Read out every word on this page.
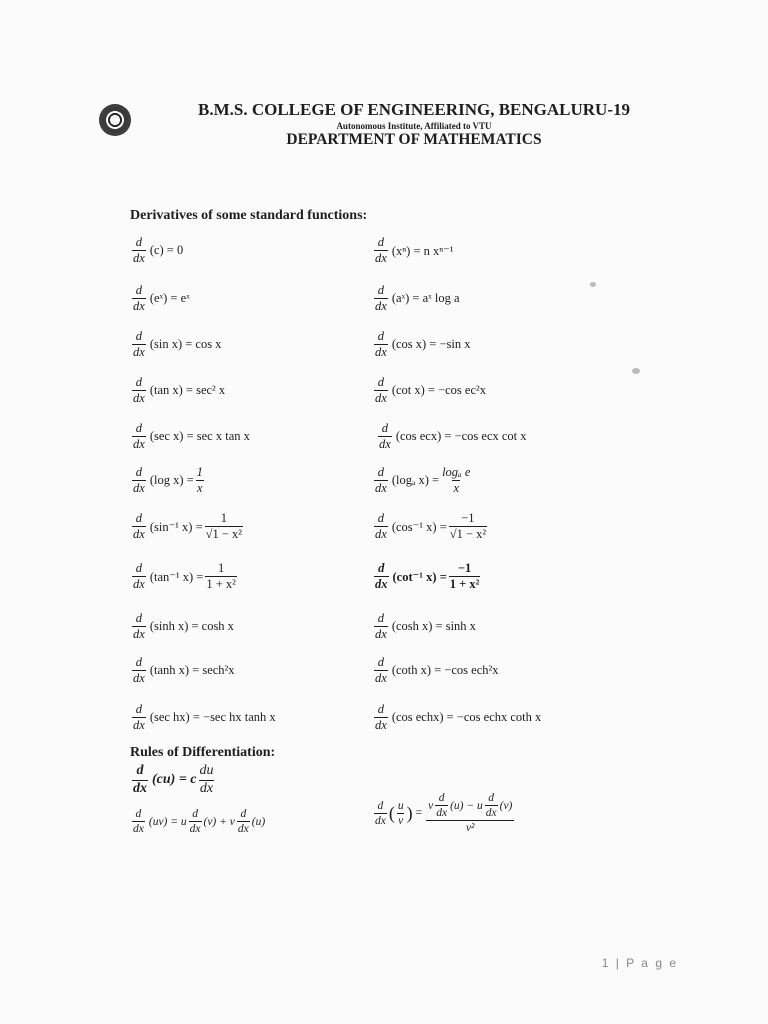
B.M.S. COLLEGE OF ENGINEERING, BENGALURU-19
Autonomous Institute, Affiliated to VTU
DEPARTMENT OF MATHEMATICS
Derivatives of some standard functions:
$\frac{d}{dx} (c) = 0$
$\frac{d}{dx}$ (eˣ) = eˣ
$\frac{d}{dx} (\sin$ x) = cos x
$\frac{d}{dx} (\tan$ x) = sec² x
$\frac{d}{dx} (\sec$ x) = sec x tan x
$\frac{d}{dx} (\log$ $x) = \frac{1}{x}$
$\frac{d}{dx} (\sin^{-1}$ $x) = \frac{1}{\text{√1 − x²}}$
$\frac{d}{dx} (\tan^{-1}$ $x) = \frac{1}{\text{1 + x²}}$
$\frac{d}{dx} (\sinh$ x) = cosh x
$\frac{d}{dx} (\tanh$ x) = sech²x
$\frac{d}{dx} (\sec$ hx) = −sec hx tanh x
$\frac{d}{dx} (x^n) = n$ xⁿ⁻¹
$\frac{d}{dx}$ (aˣ) = aˣ log a
$\frac{d}{dx} (\cos$ x) = −sin x
$\frac{d}{dx} (\cot$ x) = −cos ec²x
$\frac{d}{dx} (\cos$ ecx) = −cos ecx cot x
$\frac{d}{dx} (\log_a$ $x) = \frac{\text{logₐ e}}{x}$
$\frac{d}{dx} (\cos^{-1}$ $x) = \frac{-1}{\text{√1 − x²}}$
$\frac{d}{dx} (\cot^{-1}$ $x) = \frac{-1}{\text{1 + x²}}$
$\frac{d}{dx} (\cosh$ x) = sinh x
$\frac{d}{dx} (\cot h$ x) = −cos ech²x
$\frac{d}{dx} (\cos$ echx) = −cos echx coth x
Rules of Differentiation:
$\frac{d}{dx} (cu) = c \frac{du}{dx}$
$\frac{d}{dx} (uv) = u \frac{d}{dx} (v) + v \frac{d}{dx} (u)$	$\frac{d}{dx}$ ( $\frac{u}{v}$ ) = $\frac{v \frac{d}{dx} (u) - u \frac{d}{dx} (v)}{\text{v²}}$
1 | P a g e
